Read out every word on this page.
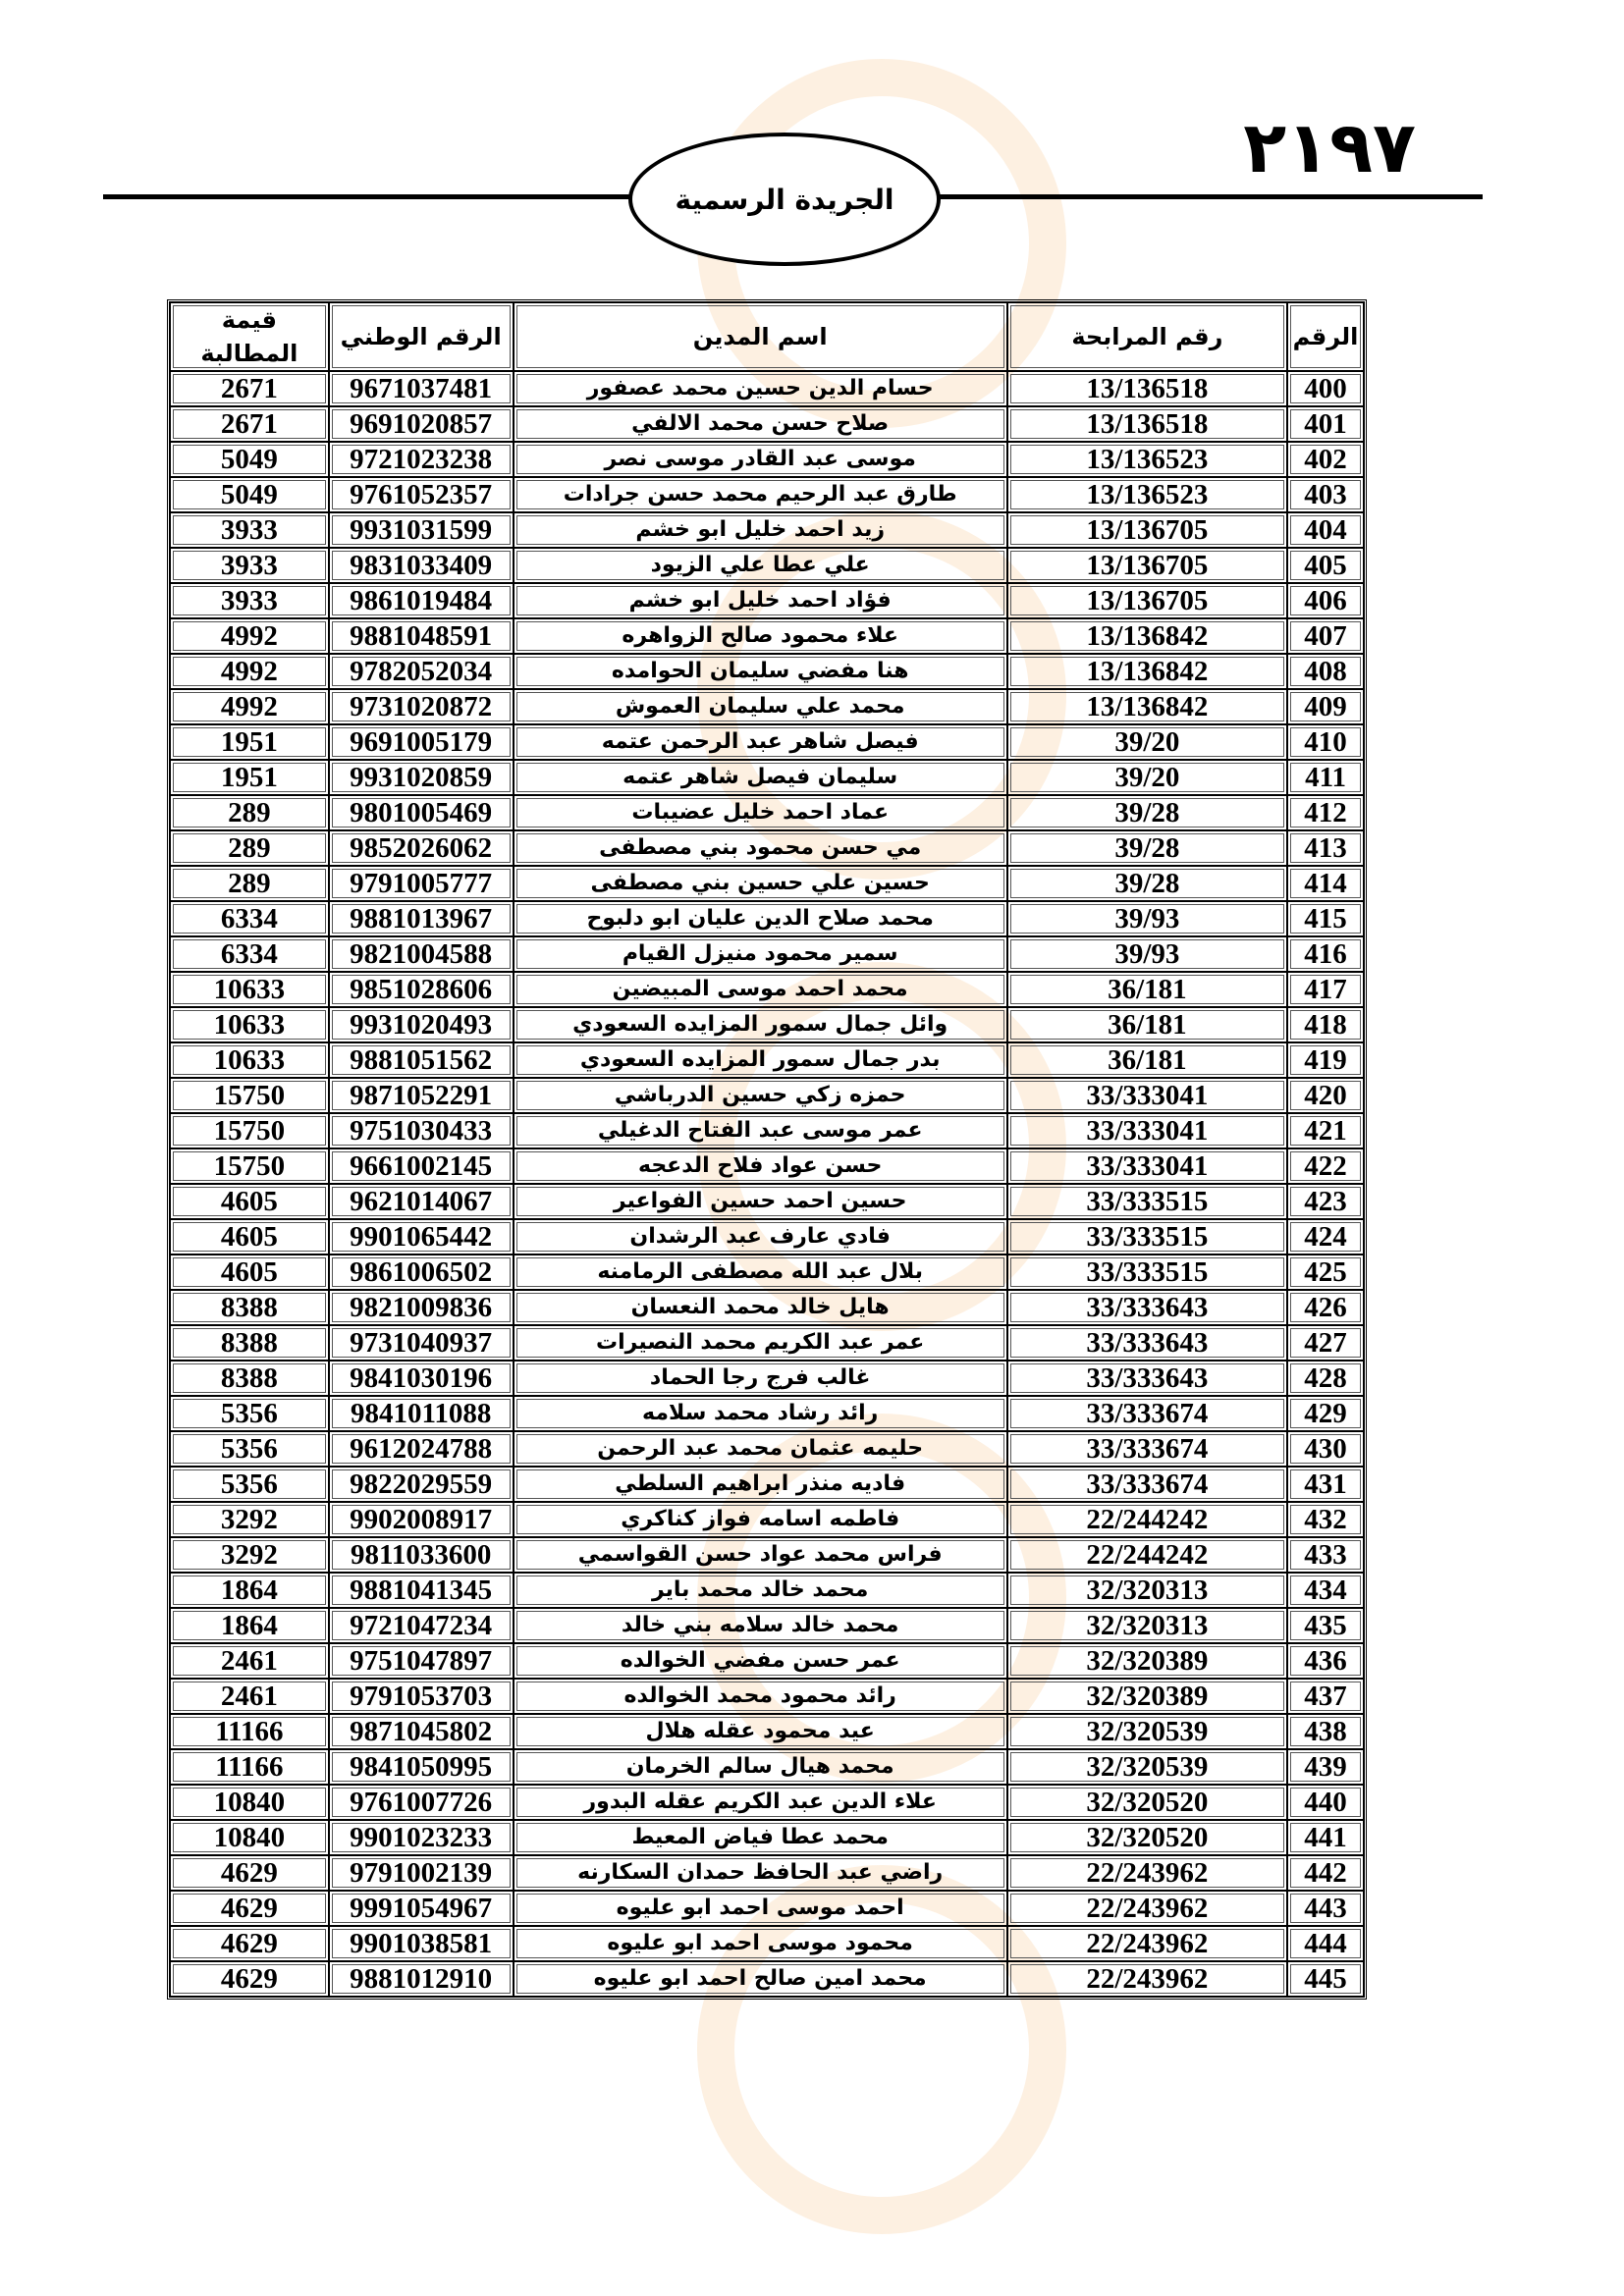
٢١٩٧
الجريدة الرسمية
الرقم	رقم المرابحة	اسم المدين	الرقم الوطني	قيمة المطالبة
400	13/136518	حسام الدين حسين محمد عصفور	9671037481	2671
401	13/136518	صلاح حسن محمد الالفي	9691020857	2671
402	13/136523	موسى عبد القادر موسى نصر	9721023238	5049
403	13/136523	طارق عبد الرحيم محمد حسن جرادات	9761052357	5049
404	13/136705	زيد احمد خليل ابو خشم	9931031599	3933
405	13/136705	علي عطا علي الزيود	9831033409	3933
406	13/136705	فؤاد احمد خليل ابو خشم	9861019484	3933
407	13/136842	علاء محمود صالح الزواهره	9881048591	4992
408	13/136842	هنا مفضي سليمان الحوامده	9782052034	4992
409	13/136842	محمد علي سليمان العموش	9731020872	4992
410	39/20	فيصل شاهر عبد الرحمن عتمه	9691005179	1951
411	39/20	سليمان فيصل شاهر عتمه	9931020859	1951
412	39/28	عماد احمد خليل عضيبات	9801005469	289
413	39/28	مي حسن محمود بني مصطفى	9852026062	289
414	39/28	حسين علي حسين بني مصطفى	9791005777	289
415	39/93	محمد صلاح الدين عليان ابو دلبوح	9881013967	6334
416	39/93	سمير محمود منيزل القيام	9821004588	6334
417	36/181	محمد احمد موسى المبيضين	9851028606	10633
418	36/181	وائل جمال سمور المزايده السعودي	9931020493	10633
419	36/181	بدر جمال سمور المزايده السعودي	9881051562	10633
420	33/333041	حمزه زكي حسين الدرباشي	9871052291	15750
421	33/333041	عمر موسى عبد الفتاح الدغيلي	9751030433	15750
422	33/333041	حسن عواد فلاح الدعجه	9661002145	15750
423	33/333515	حسين احمد حسين الفواعير	9621014067	4605
424	33/333515	فادي عارف عبد الرشدان	9901065442	4605
425	33/333515	بلال عبد الله مصطفى الرمامنه	9861006502	4605
426	33/333643	هايل خالد محمد النعسان	9821009836	8388
427	33/333643	عمر عبد الكريم محمد النصيرات	9731040937	8388
428	33/333643	غالب فرج رجا الحماد	9841030196	8388
429	33/333674	رائد رشاد محمد سلامه	9841011088	5356
430	33/333674	حليمه عثمان محمد عبد الرحمن	9612024788	5356
431	33/333674	فاديه منذر ابراهيم السلطي	9822029559	5356
432	22/244242	فاطمه اسامه فواز كناكري	9902008917	3292
433	22/244242	فراس محمد عواد حسن القواسمي	9811033600	3292
434	32/320313	محمد خالد محمد باير	9881041345	1864
435	32/320313	محمد خالد سلامه بني خالد	9721047234	1864
436	32/320389	عمر حسن مفضي الخوالده	9751047897	2461
437	32/320389	رائد محمود محمد الخوالده	9791053703	2461
438	32/320539	عيد محمود عقله هلال	9871045802	11166
439	32/320539	محمد هيال سالم الخرمان	9841050995	11166
440	32/320520	علاء الدين عبد الكريم عقله البدور	9761007726	10840
441	32/320520	محمد عطا فياض المعيط	9901023233	10840
442	22/243962	راضي عبد الحافظ حمدان السكارنه	9791002139	4629
443	22/243962	احمد موسى احمد ابو عليوه	9991054967	4629
444	22/243962	محمود موسى احمد ابو عليوه	9901038581	4629
445	22/243962	محمد امين صالح احمد ابو عليوه	9881012910	4629
